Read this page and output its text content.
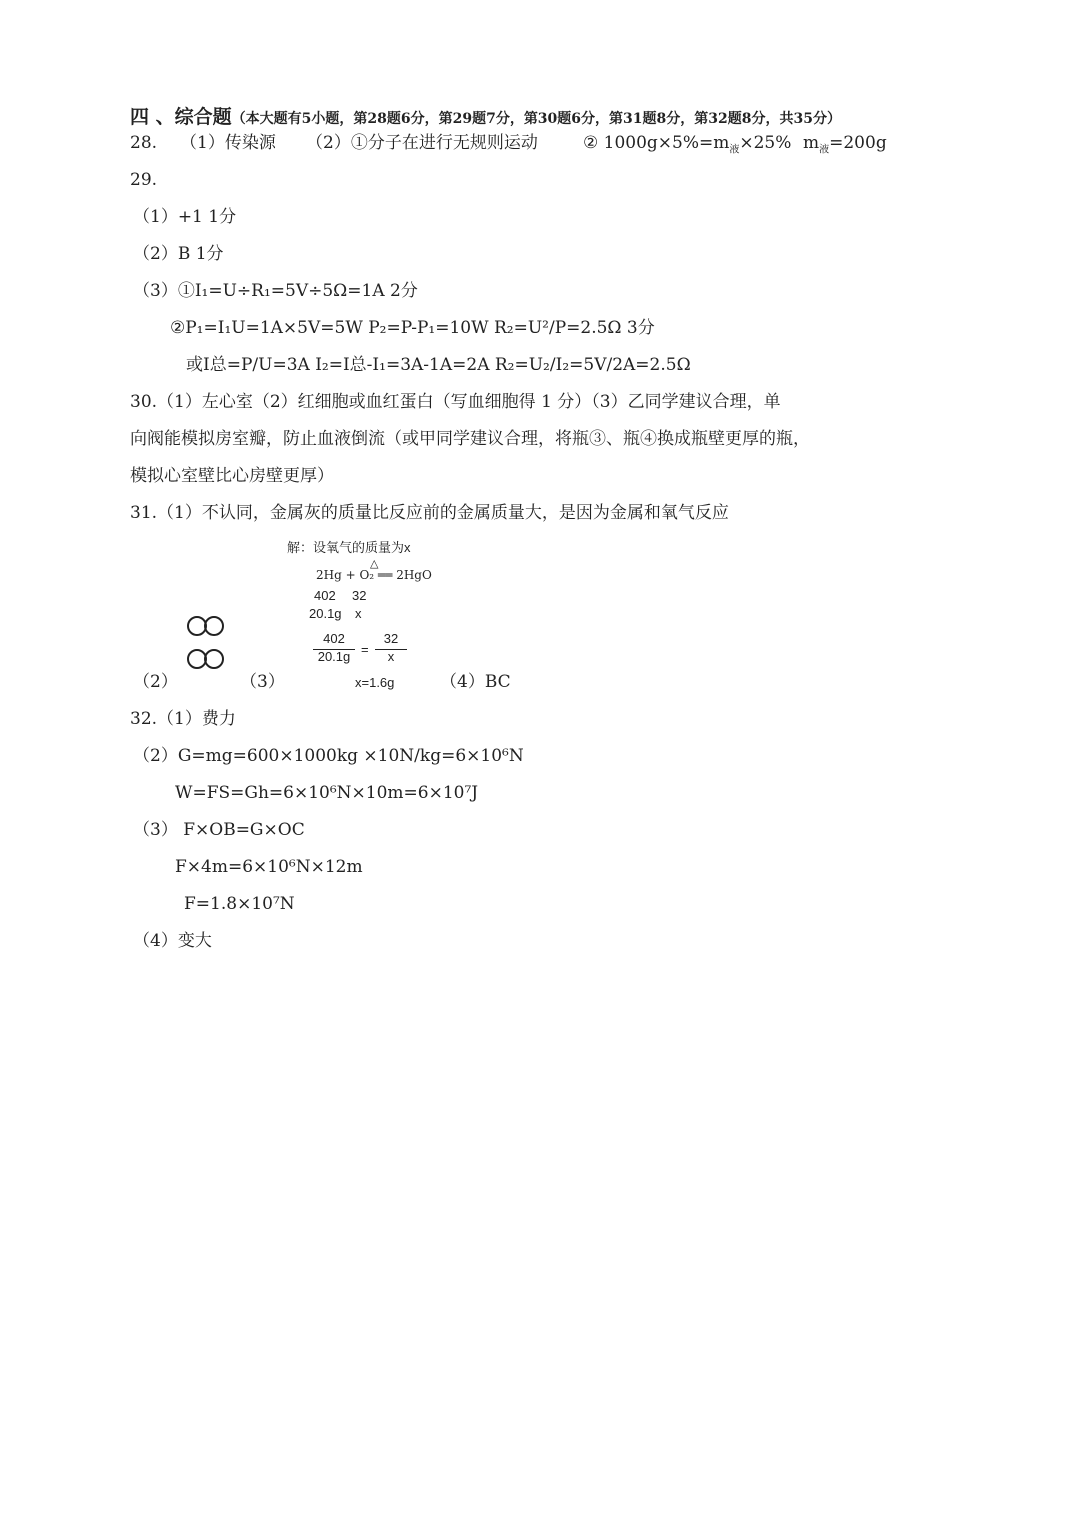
四 、综合题（本大题有5小题，第28题6分，第29题7分，第30题6分，第31题8分，第32题8分，共35分）
28. （1）传染源 （2）①分子在进行无规则运动	② $1000g\times 5\%=m_液\times 25\%$ $m_液=200g$
29.
（1）+1 1分
（2）B 1分
（3）①I₁=U÷R₁=5V÷5Ω=1A 2分
②P₁=I₁U=1A×5V=5W P₂=P-P₁=10W R₂=U²/P=2.5Ω 3分
或I总=P/U=3A I₂=I总-I₁=3A-1A=2A R₂=U₂/I₂=5V/2A=2.5Ω
30.（1）左心室（2）红细胞或血红蛋白（写血细胞得 1 分）（3）乙同学建议合理，单
向阀能模拟房室瓣，防止血液倒流（或甲同学建议合理，将瓶③、瓶④换成瓶壁更厚的瓶，
模拟心室壁比心房壁更厚）
31.（1）不认同，金属灰的质量比反应前的金属质量大，是因为金属和氧气反应
解：设氧气的质量为x
2Hg + O₂ ══ 2HgO
△
402 32
20.1g x
402
20.1g =
32
x
（2）	（3）	x=1.6g	（4）BC
32.（1）费力
（2）G=mg=600×1000kg ×10N/kg=6×10⁶N
W=FS=Gh=6×10⁶N×10m=6×10⁷J
（3） F×OB=G×OC
F×4m=6×10⁶N×12m
F=1.8×10⁷N
（4）变大
